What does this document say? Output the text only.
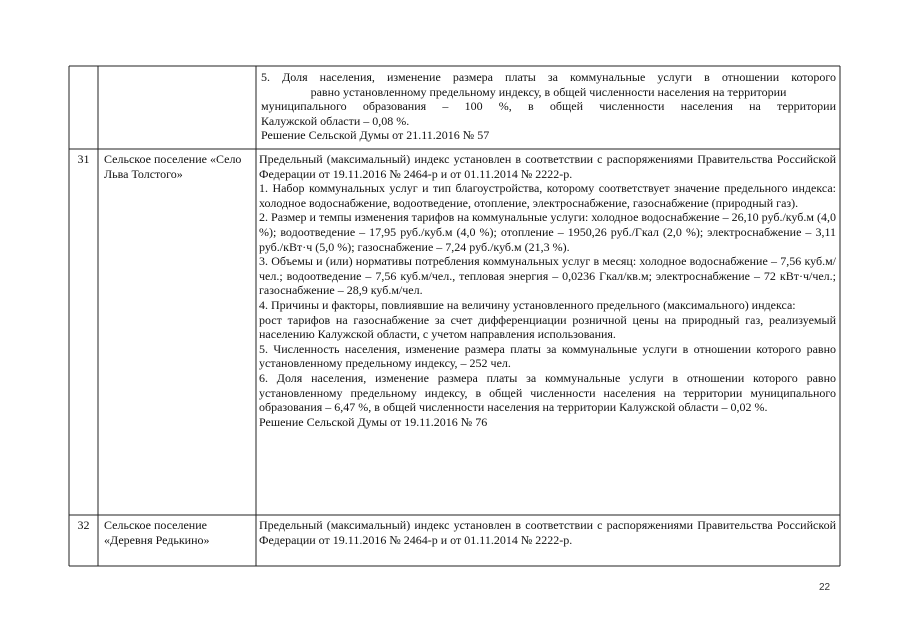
5. Доля населения, изменение размера платы за коммунальные услуги в отношении которого

равно установленному предельному индексу, в общей численности населения на территории

муниципального образования – 100 %, в общей численности населения на территории

Калужской области – 0,08 %.

Решение Сельской Думы от 21.11.2016 № 57

31	Сельское поселение «Село Льва Толстого»

Предельный (максимальный) индекс установлен в соответствии с распоряжениями Правительства Российской Федерации от 19.11.2016 № 2464-р и от 01.11.2014 № 2222-р.

1. Набор коммунальных услуг и тип благоустройства, которому соответствует значение предельного индекса: холодное водоснабжение, водоотведение, отопление, электроснабжение, газоснабжение (природный газ).

2. Размер и темпы изменения тарифов на коммунальные услуги: холодное водоснабжение – 26,10 руб./куб.м (4,0 %); водоотведение – 17,95 руб./куб.м (4,0 %); отопление – 1950,26 руб./Гкал (2,0 %); электроснабжение – 3,11 руб./кВт·ч (5,0 %); газоснабжение – 7,24 руб./куб.м (21,3 %).

3. Объемы и (или) нормативы потребления коммунальных услуг в месяц: холодное водоснабжение – 7,56 куб.м/чел.; водоотведение – 7,56 куб.м/чел., тепловая энергия – 0,0236 Гкал/кв.м; электроснабжение – 72 кВт·ч/чел.; газоснабжение – 28,9 куб.м/чел.

4. Причины и факторы, повлиявшие на величину установленного предельного (максимального) индекса:

рост тарифов на газоснабжение за счет дифференциации розничной цены на природный газ, реализуемый населению Калужской области, с учетом направления использования.

5. Численность населения, изменение размера платы за коммунальные услуги в отношении которого равно установленному предельному индексу, – 252 чел.

6. Доля населения, изменение размера платы за коммунальные услуги в отношении которого равно установленному предельному индексу, в общей численности населения на территории муниципального образования – 6,47 %, в общей численности населения на территории Калужской области – 0,02 %.

Решение Сельской Думы от 19.11.2016 № 76

32	Сельское поселение «Деревня Редькино»

Предельный (максимальный) индекс установлен в соответствии с распоряжениями Правительства Российской Федерации от 19.11.2016 № 2464-р и от 01.11.2014 № 2222-р.

22
